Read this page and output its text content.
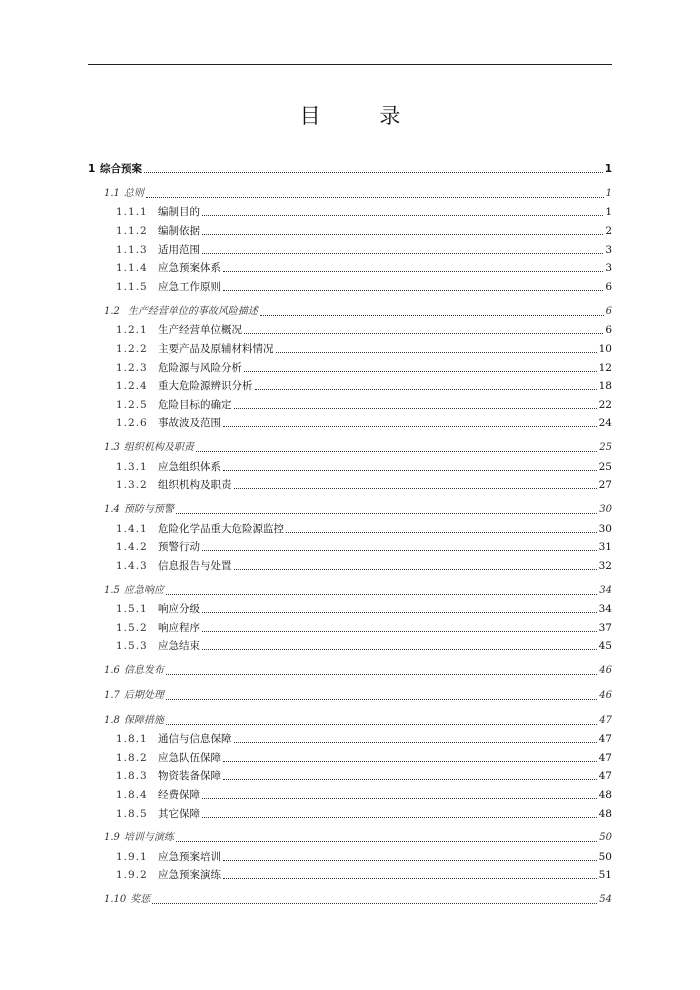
目 录
1 综合预案	1
1.1 总则	1
1.1.1 编制目的	1
1.1.2 编制依据	2
1.1.3 适用范围	3
1.1.4 应急预案体系	3
1.1.5 应急工作原则	6
1.2 生产经营单位的事故风险描述	6
1.2.1 生产经营单位概况	6
1.2.2 主要产品及原辅材料情况	10
1.2.3 危险源与风险分析	12
1.2.4 重大危险源辨识分析	18
1.2.5 危险目标的确定	22
1.2.6 事故波及范围	24
1.3 组织机构及职责	25
1.3.1 应急组织体系	25
1.3.2 组织机构及职责	27
1.4 预防与预警	30
1.4.1 危险化学品重大危险源监控	30
1.4.2 预警行动	31
1.4.3 信息报告与处置	32
1.5 应急响应	34
1.5.1 响应分级	34
1.5.2 响应程序	37
1.5.3 应急结束	45
1.6 信息发布	46
1.7 后期处理	46
1.8 保障措施	47
1.8.1 通信与信息保障	47
1.8.2 应急队伍保障	47
1.8.3 物资装备保障	47
1.8.4 经费保障	48
1.8.5 其它保障	48
1.9 培训与演练	50
1.9.1 应急预案培训	50
1.9.2 应急预案演练	51
1.10 奖惩	54
